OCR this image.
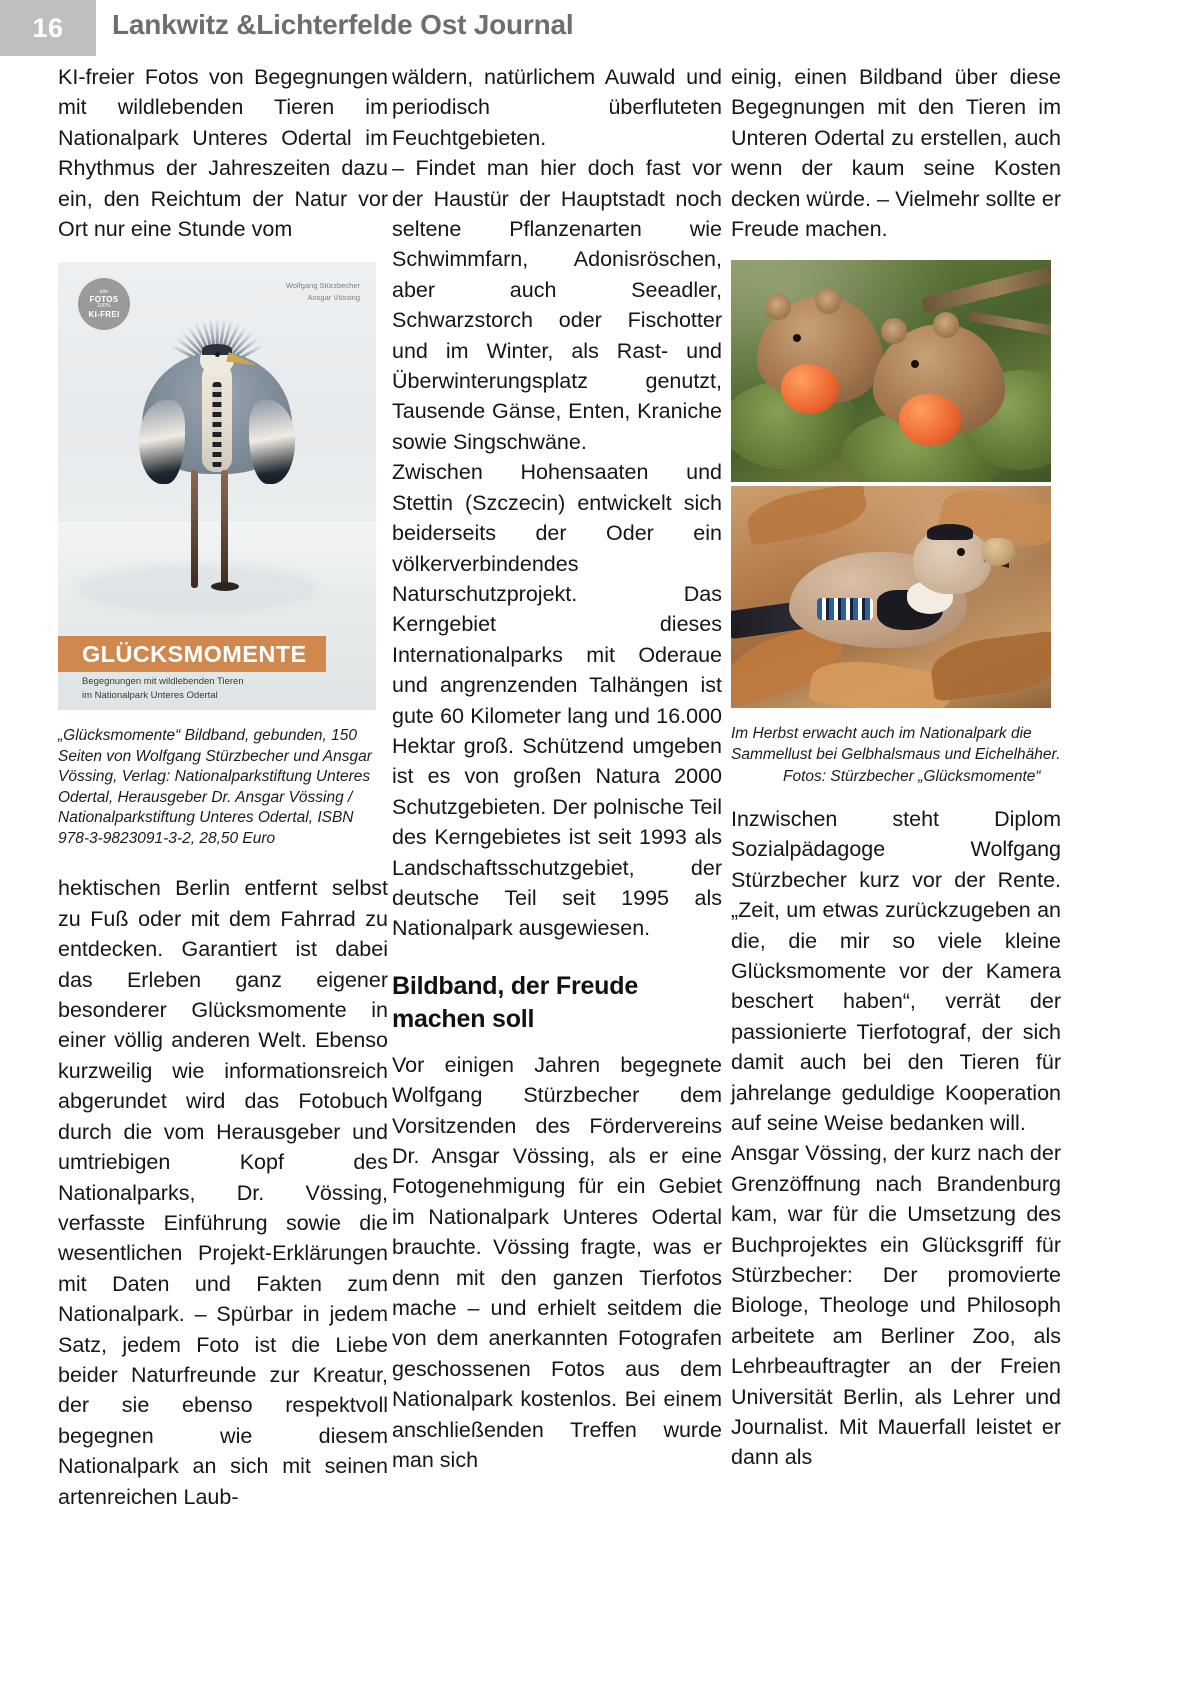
16 Lankwitz &Lichterfelde Ost Journal

KI-freier Fotos von Begegnungen mit wildlebenden Tieren im Nationalpark Unteres Odertal im Rhythmus der Jahreszeiten dazu ein, den Reichtum der Natur vor Ort nur eine Stunde vom

alle
FOTOS
100%
KI-FREI
Wolfgang Stürzbecher
Ansgar Vössing
GLÜCKSMOMENTE
Begegnungen mit wildlebenden Tieren
im Nationalpark Unteres Odertal

„Glücksmomente“ Bildband, gebunden, 150 Seiten von Wolfgang Stürzbecher und Ansgar Vössing, Verlag: Nationalparkstiftung Unteres Odertal, Herausgeber Dr. Ansgar Vössing / Nationalparkstiftung Unteres Odertal, ISBN 978-3-9823091-3-2, 28,50 Euro

hektischen Berlin entfernt selbst zu Fuß oder mit dem Fahrrad zu entdecken. Garantiert ist dabei das Erleben ganz eigener besonderer Glücksmomente in einer völlig anderen Welt. Ebenso kurzweilig wie informationsreich abgerundet wird das Fotobuch durch die vom Herausgeber und umtriebigen Kopf des Nationalparks, Dr. Vössing, verfasste Einführung sowie die wesentlichen Projekt-Erklärungen mit Daten und Fakten zum Nationalpark. – Spürbar in jedem Satz, jedem Foto ist die Liebe beider Naturfreunde zur Kreatur, der sie ebenso respektvoll begegnen wie diesem Nationalpark an sich mit seinen artenreichen Laub-

wäldern, natürlichem Auwald und periodisch überfluteten Feuchtgebieten.

– Findet man hier doch fast vor der Haustür der Hauptstadt noch seltene Pflanzenarten wie Schwimmfarn, Adonisröschen, aber auch Seeadler, Schwarzstorch oder Fischotter und im Winter, als Rast- und Überwinterungsplatz genutzt, Tausende Gänse, Enten, Kraniche sowie Singschwäne.

Zwischen Hohensaaten und Stettin (Szczecin) entwickelt sich beiderseits der Oder ein völkerverbindendes Naturschutzprojekt. Das Kerngebiet dieses Internationalparks mit Oderaue und angrenzenden Talhängen ist gute 60 Kilometer lang und 16.000 Hektar groß. Schützend umgeben ist es von großen Natura 2000 Schutzgebieten. Der polnische Teil des Kerngebietes ist seit 1993 als Landschaftsschutzgebiet, der deutsche Teil seit 1995 als Nationalpark ausgewiesen.

Bildband, der Freude machen soll

Vor einigen Jahren begegnete Wolfgang Stürzbecher dem Vorsitzenden des Fördervereins Dr. Ansgar Vössing, als er eine Fotogenehmigung für ein Gebiet im Nationalpark Unteres Odertal brauchte. Vössing fragte, was er denn mit den ganzen Tierfotos mache – und erhielt seitdem die von dem anerkannten Fotografen geschossenen Fotos aus dem Nationalpark kostenlos. Bei einem anschließenden Treffen wurde man sich

einig, einen Bildband über diese Begegnungen mit den Tieren im Unteren Odertal zu erstellen, auch wenn der kaum seine Kosten decken würde. – Vielmehr sollte er Freude machen.

Im Herbst erwacht auch im Nationalpark die Sammellust bei Gelbhalsmaus und Eichelhäher.

Fotos: Stürzbecher „Glücksmomente“

Inzwischen steht Diplom Sozialpädagoge Wolfgang Stürzbecher kurz vor der Rente. „Zeit, um etwas zurückzugeben an die, die mir so viele kleine Glücksmomente vor der Kamera beschert haben“, verrät der passionierte Tierfotograf, der sich damit auch bei den Tieren für jahrelange geduldige Kooperation auf seine Weise bedanken will.

Ansgar Vössing, der kurz nach der Grenzöffnung nach Brandenburg kam, war für die Umsetzung des Buchprojektes ein Glücksgriff für Stürzbecher: Der promovierte Biologe, Theologe und Philosoph arbeitete am Berliner Zoo, als Lehrbeauftragter an der Freien Universität Berlin, als Lehrer und Journalist. Mit Mauerfall leistet er dann als
